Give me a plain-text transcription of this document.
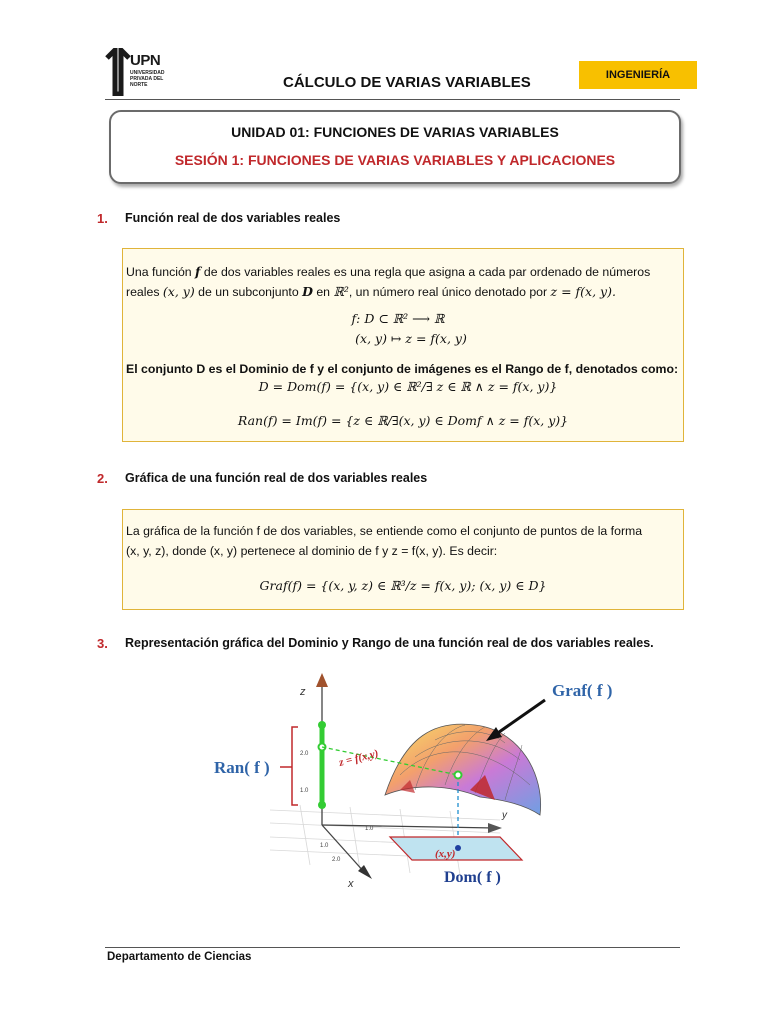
UPN
UNIVERSIDAD PRIVADA DEL NORTE	CÁLCULO DE VARIAS VARIABLES	INGENIERÍA
UNIDAD 01: FUNCIONES DE VARIAS VARIABLES
SESIÓN 1: FUNCIONES DE VARIAS VARIABLES Y APLICACIONES
1. Función real de dos variables reales
Una función f de dos variables reales es una regla que asigna a cada par ordenado de números
reales (x, y) de un subconjunto D en ℝ², un número real único denotado por z = f(x, y).
f: D ⊂ ℝ² ⟶ ℝ
(x, y) ↦ z = f(x, y)
El conjunto D es el Dominio de f y el conjunto de imágenes es el Rango de f, denotados como:
D = Dom(f) = {(x, y) ∈ ℝ²/∃ z ∈ ℝ ∧ z = f(x, y)}
Ran(f) = Im(f) = {z ∈ ℝ/∃(x, y) ∈ Domf ∧ z = f(x, y)}
2. Gráfica de una función real de dos variables reales
La gráfica de la función f de dos variables, se entiende como el conjunto de puntos de la forma
(x, y, z), donde (x, y) pertenece al dominio de f y z = f(x, y). Es decir:
Graf(f) = {(x, y, z) ∈ ℝ³/z = f(x, y); (x, y) ∈ D}
3. Representación gráfica del Dominio y Rango de una función real de dos variables reales.
z
y
x
2.0
1.0
1.0
1.0
2.0	(x,y)
z = f(x,y)
Graf( f )
Ran( f )
Dom( f )
Departamento de Ciencias
